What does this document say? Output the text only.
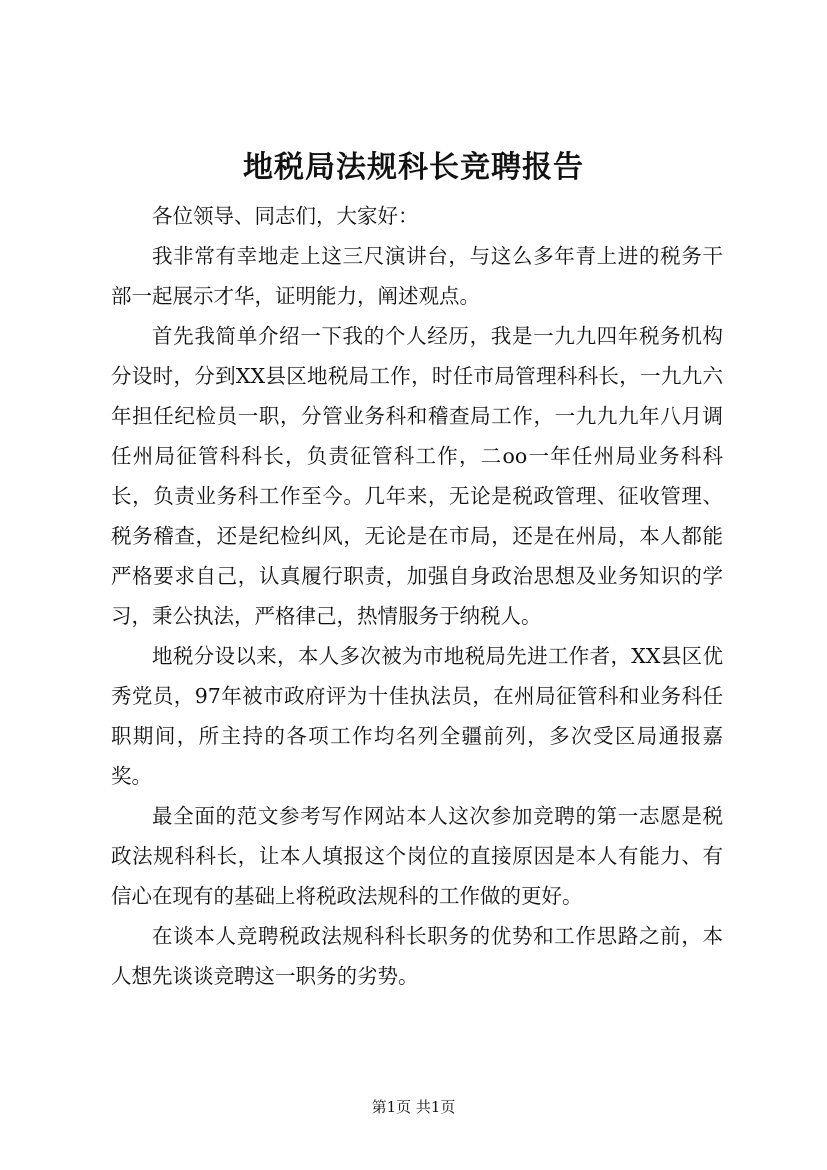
地税局法规科长竞聘报告

各位领导、同志们，大家好：

我非常有幸地走上这三尺演讲台，与这么多年青上进的税务干部一起展示才华，证明能力，阐述观点。

首先我简单介绍一下我的个人经历，我是一九九四年税务机构分设时，分到XX县区地税局工作，时任市局管理科科长，一九九六年担任纪检员一职，分管业务科和稽查局工作，一九九九年八月调任州局征管科科长，负责征管科工作，二oo一年任州局业务科科长，负责业务科工作至今。几年来，无论是税政管理、征收管理、税务稽查，还是纪检纠风，无论是在市局，还是在州局，本人都能严格要求自己，认真履行职责，加强自身政治思想及业务知识的学习，秉公执法，严格律己，热情服务于纳税人。

地税分设以来，本人多次被为市地税局先进工作者，XX县区优秀党员，97年被市政府评为十佳执法员，在州局征管科和业务科任职期间，所主持的各项工作均名列全疆前列，多次受区局通报嘉奖。

最全面的范文参考写作网站本人这次参加竞聘的第一志愿是税政法规科科长，让本人填报这个岗位的直接原因是本人有能力、有信心在现有的基础上将税政法规科的工作做的更好。

在谈本人竞聘税政法规科科长职务的优势和工作思路之前，本人想先谈谈竞聘这一职务的劣势。

第1页 共1页
